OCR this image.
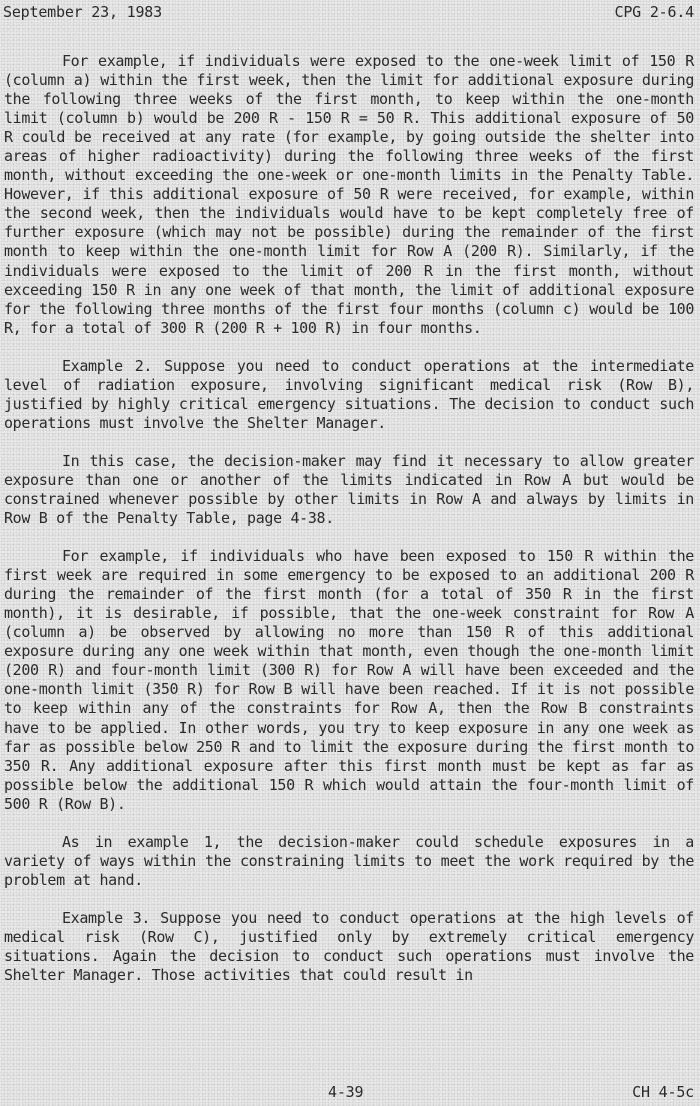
September 23, 1983	CPG 2-6.4

For example, if individuals were exposed to the one-week limit of 150 R (column a) within the first week, then the limit for additional exposure during the following three weeks of the first month, to keep within the one-month limit (column b) would be 200 R - 150 R = 50 R. This additional exposure of 50 R could be received at any rate (for example, by going outside the shelter into areas of higher radioactivity) during the following three weeks of the first month, without exceeding the one-week or one-month limits in the Penalty Table. However, if this additional exposure of 50 R were received, for example, within the second week, then the individuals would have to be kept completely free of further exposure (which may not be possible) during the remainder of the first month to keep within the one-month limit for Row A (200 R). Similarly, if the individuals were exposed to the limit of 200 R in the first month, without exceeding 150 R in any one week of that month, the limit of additional exposure for the following three months of the first four months (column c) would be 100 R, for a total of 300 R (200 R + 100 R) in four months.

Example 2. Suppose you need to conduct operations at the intermediate level of radiation exposure, involving significant medical risk (Row B), justified by highly critical emergency situations. The decision to conduct such operations must involve the Shelter Manager.

In this case, the decision-maker may find it necessary to allow greater exposure than one or another of the limits indicated in Row A but would be constrained whenever possible by other limits in Row A and always by limits in Row B of the Penalty Table, page 4-38.

For example, if individuals who have been exposed to 150 R within the first week are required in some emergency to be exposed to an additional 200 R during the remainder of the first month (for a total of 350 R in the first month), it is desirable, if possible, that the one-week constraint for Row A (column a) be observed by allowing no more than 150 R of this additional exposure during any one week within that month, even though the one-month limit (200 R) and four-month limit (300 R) for Row A will have been exceeded and the one-month limit (350 R) for Row B will have been reached. If it is not possible to keep within any of the constraints for Row A, then the Row B constraints have to be applied. In other words, you try to keep exposure in any one week as far as possible below 250 R and to limit the exposure during the first month to 350 R. Any additional exposure after this first month must be kept as far as possible below the additional 150 R which would attain the four-month limit of 500 R (Row B).

As in example 1, the decision-maker could schedule exposures in a variety of ways within the constraining limits to meet the work required by the problem at hand.

Example 3. Suppose you need to conduct operations at the high levels of medical risk (Row C), justified only by extremely critical emergency situations. Again the decision to conduct such operations must involve the Shelter Manager. Those activities that could result in

4-39	CH 4-5c
